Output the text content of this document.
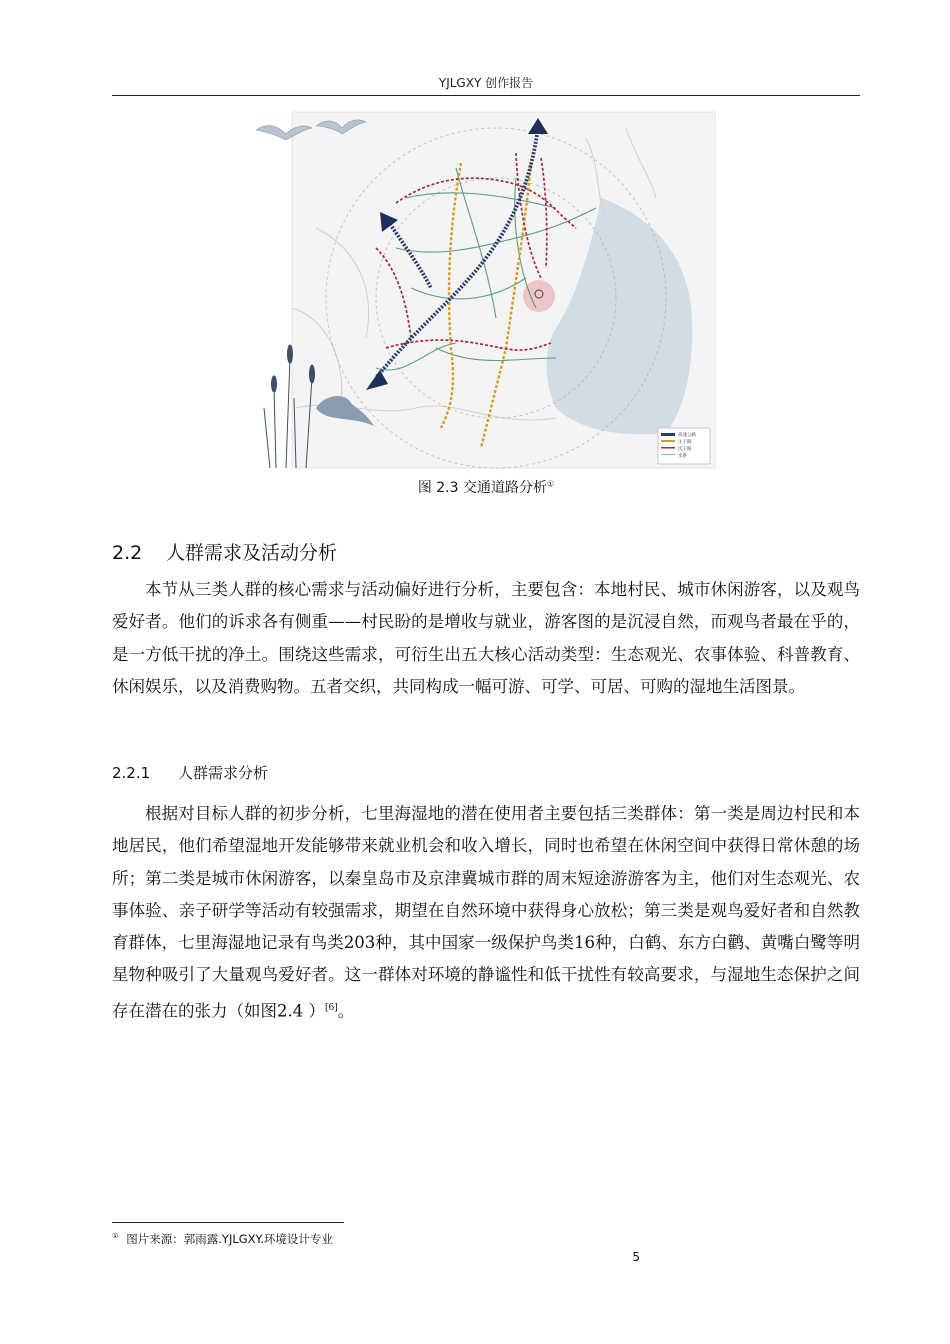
YJLGXY 创作报告
高速公路
主干路
次干路
水系
图 2.3 交通道路分析①
2.2 人群需求及活动分析

本节从三类人群的核心需求与活动偏好进行分析，主要包含：本地村民、城市休闲游客，以及观鸟爱好者。他们的诉求各有侧重——村民盼的是增收与就业，游客图的是沉浸自然，而观鸟者最在乎的，是一方低干扰的净土。围绕这些需求，可衍生出五大核心活动类型：生态观光、农事体验、科普教育、休闲娱乐，以及消费购物。五者交织，共同构成一幅可游、可学、可居、可购的湿地生活图景。

2.2.1 人群需求分析

根据对目标人群的初步分析，七里海湿地的潜在使用者主要包括三类群体：第一类是周边村民和本地居民，他们希望湿地开发能够带来就业机会和收入增长，同时也希望在休闲空间中获得日常休憩的场所；第二类是城市休闲游客，以秦皇岛市及京津冀城市群的周末短途游游客为主，他们对生态观光、农事体验、亲子研学等活动有较强需求，期望在自然环境中获得身心放松；第三类是观鸟爱好者和自然教育群体，七里海湿地记录有鸟类203种，其中国家一级保护鸟类16种，白鹤、东方白鹳、黄嘴白鹭等明星物种吸引了大量观鸟爱好者。这一群体对环境的静谧性和低干扰性有较高要求，与湿地生态保护之间存在潜在的张力（如图2.4 ）[6]。

① 图片来源：郭雨露.YJLGXY.环境设计专业
5
